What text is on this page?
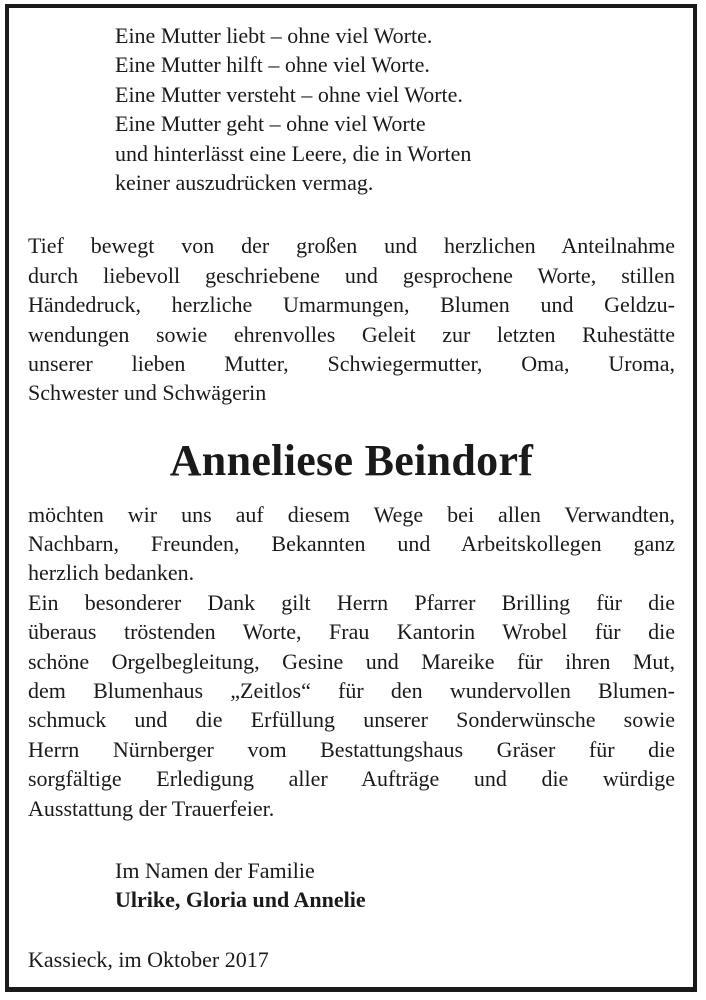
Eine Mutter liebt – ohne viel Worte.
Eine Mutter hilft – ohne viel Worte.
Eine Mutter versteht – ohne viel Worte.
Eine Mutter geht – ohne viel Worte
und hinterlässt eine Leere, die in Worten
keiner auszudrücken vermag.
Tief bewegt von der großen und herzlichen Anteilnahme
durch liebevoll geschriebene und gesprochene Worte, stillen
Händedruck, herzliche Umarmungen, Blumen und Geldzu-
wendungen sowie ehrenvolles Geleit zur letzten Ruhestätte
unserer lieben Mutter, Schwiegermutter, Oma, Uroma,
Schwester und Schwägerin
Anneliese Beindorf
möchten wir uns auf diesem Wege bei allen Verwandten,
Nachbarn, Freunden, Bekannten und Arbeitskollegen ganz
herzlich bedanken.
Ein besonderer Dank gilt Herrn Pfarrer Brilling für die
überaus tröstenden Worte, Frau Kantorin Wrobel für die
schöne Orgelbegleitung, Gesine und Mareike für ihren Mut,
dem Blumenhaus „Zeitlos“ für den wundervollen Blumen-
schmuck und die Erfüllung unserer Sonderwünsche sowie
Herrn Nürnberger vom Bestattungshaus Gräser für die
sorgfältige Erledigung aller Aufträge und die würdige
Ausstattung der Trauerfeier.
Im Namen der Familie
Ulrike, Gloria und Annelie
Kassieck, im Oktober 2017
